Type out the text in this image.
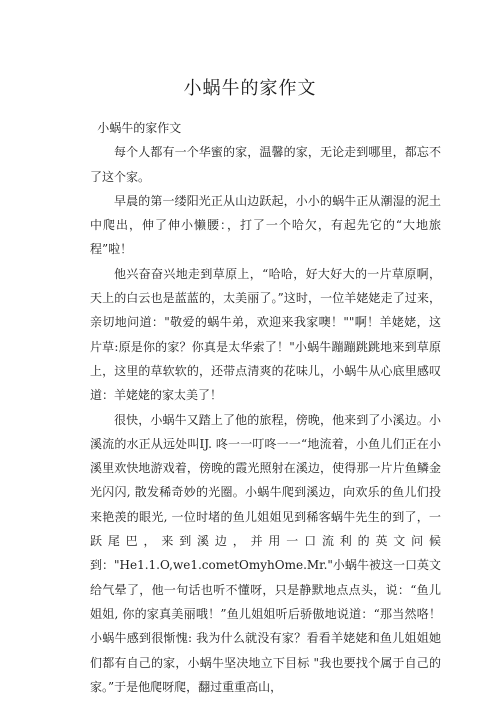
小蜗牛的家作文

小蜗牛的家作文

每个人都有一个华蜜的家，温馨的家，无论走到哪里，都忘不了这个家。

早晨的第一缕阳光正从山边跃起，小小的蜗牛正从潮湿的泥土中爬出，伸了伸小懒腰：，打了一个哈欠，有起先它的“大地旅程”啦！

他兴奋奋兴地走到草原上，“哈哈，好大好大的一片草原啊，天上的白云也是蓝蓝的，太美丽了。”这时，一位羊姥姥走了过来，亲切地问道："敬爱的蜗牛弟，欢迎来我家噢！""啊！羊姥姥，这片草:原是你的家？你真是太华索了！"小蜗牛蹦蹦跳跳地来到草原上，这里的草软软的，还带点清爽的花味儿，小蜗牛从心底里感叹道：羊姥姥的家太美了！

很快，小蜗牛又踏上了他的旅程，傍晚，他来到了小溪边。小溪流的水正从远处叫IJ. 咚一一叮咚一一“地流着，小鱼儿们正在小溪里欢快地游戏着，傍晚的霞光照射在溪边，使得那一片片鱼鳞金光闪闪, 散发稀奇妙的光圈。小蜗牛爬到溪边，向欢乐的鱼儿们投来艳羡的眼光, 一位时堵的鱼儿姐姐见到稀客蜗牛先生的到了，一跃尾巴，来到溪边，并用一口流利的英文问候到："He1.1.O,we1.cometOmyhOme.Mr."小蜗牛被这一口英文给气晕了，他一句话也听不懂呀，只是静默地点点头，说：“鱼儿姐姐, 你的家真美丽哦！”鱼儿姐姐听后骄傲地说道：“那当然咯！小蜗牛感到很惭愧: 我为什么就没有家？看看羊姥姥和鱼儿姐姐她们都有自己的家，小蜗牛坚决地立下目标 "我也要找个属于自己的家。”于是他爬呀爬，翻过重重高山，
